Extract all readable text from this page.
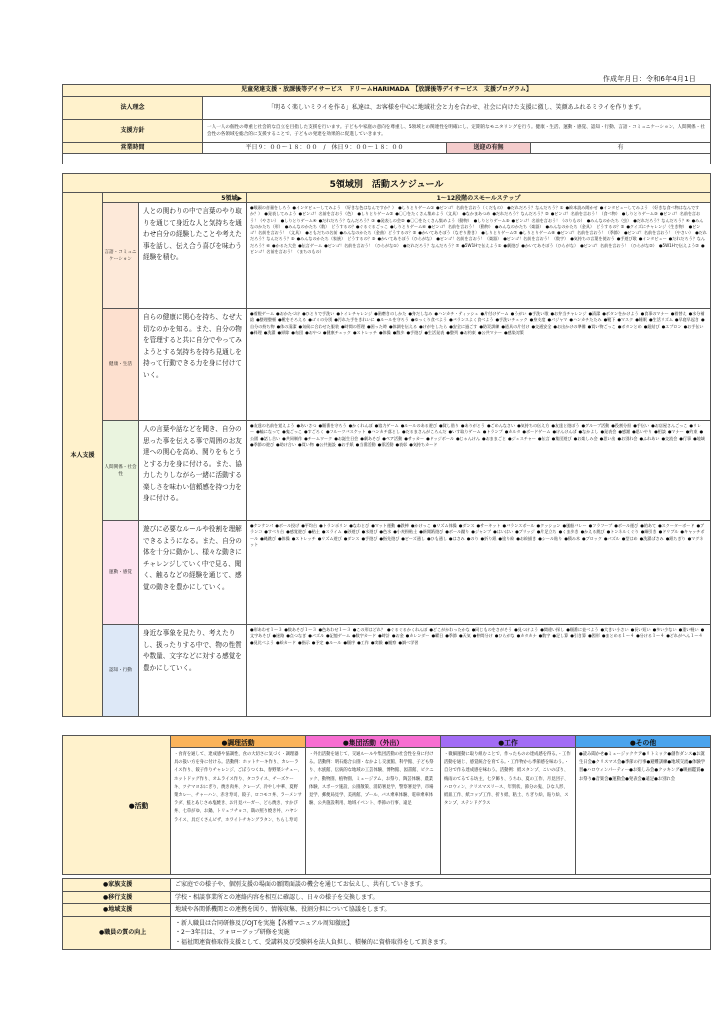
作成年月日：令和6年4月1日
児童発達支援・放課後等デイサービス　ドリームHARIMADA　【放課後等デイサービス　支援プログラム】			
法人理念	「明るく楽しいミライを作る」私達は、お客様を中心に地域社会と力を合わせ、社会に向けた支援に徹し、笑顔あふれるミライを作ります。		
支援方針	一人一人の個性の尊重と社会的な自立を目指した支援を行います。子どもや家庭の意向を尊重し、5領域との関連性を明確にし、定期的なモニタリングを行う。健康・生活、運動・感覚、認知・行動、言語・コミュニケーション、人間関係・社会性の各領域を総合的に支援することで、子どもの発達を効果的に促進していきます。		
営業時間	平日９：００～１８：００　/　休日９：００～１８：００	送迎の有無	有

5領域別　活動スケジュール			
本人支援	5領域▶		1～12段階のスモールステップ
	言語・コミュニケーション	人との関わりの中で言葉のやり取りを通じて身近な人と気持ちを通わせ自分の経験したことや考えた事を話し、伝え合う喜びを味わう経験を積む。	●喉頭の音量をしろう ●インタビューしてみよう （好きな色はなんですか？） ●しりとりゲーム① ●ビンゴ！名前を言おう（くだもの） ●だれだろう？なんだろう？① ●絵本読み聞かせ ●インタビューしてみよう （好きな食べ物はなんですか？） ●発表してみよう ●ビンゴ！名前を言おう（色） ●しりとりゲーム② ●〇〇をたくさん集めよう（文具） ●なかまあつめ ●だれだろう？なんだろう？② ●ビンゴ！名前を言おう！（食べ物） ●しりとりゲーム③ ●ビンゴ！名前を言おう！（やさい） ●しりとりゲーム④ ●だれだろう？なんだろう？③ ●発表しの会② ●〇〇をたくさん集めよう（動物） ●しりとりゲーム⑤ ●ビンゴ！名前を言おう！（のりもの） ●みんなのかたち（虫） ●だれだろう？なんだろう？④ ●みんなのかたち（形） ●みんなのかたち（数） どうするの？●ぐるぐるごっこ ●しりとりゲーム⑥ ●ビンゴ！名前を言おう！（動物） ●みんなのかたち（楽器） ●みんなのかたち（金具） どうするの？② ●クイズにチャレンジ（生き物） ●ビンゴ！名前を言おう！（文具） ●ともだちの名前 ●みんなのかたち（金曲）どうするの？② ●かいてあそぼう（なぞり書き） ●しりとりゲーム⑦ ●しりとりゲーム⑧ ●ビンゴ！名前を言おう！（季節） ●ビンゴ！名前を言おう！（やさい） ●だれだろう？なんだろう？⑤ ●みんなのかたち（家族） どうするの？③ ●かいてあそぼう（ひらがな） ●ビンゴ！名前を言おう！（楽器） ●ビンゴ！名前を言おう！（数字） ●気持ちの言葉を使おう ●手遊び歌 ●インタビュー ●だれだろう？なんだろう？⑥ ●かるた大会 ●伝言ゲーム ●ビンゴ！名前を言おう！（ひらがな①） ●だれだろう？なんだろう？⑦ ●5W1Hで伝えよう① ●劇遊び ●かいてあそぼう（ひらがな） ●ビンゴ！名前を言おう！（ひらがな②） ●5W1Hで伝えよう② ●ビンゴ！名前を言おう！（まちのもの）
	健康・生活	自らの健康に関心を持ち、なぜ大切なのかを知る。また、自分の物を管理すると共に自分でやってみようとする気持ちを持ち見通しを持って行動できる力を身に付けていく。	●着脱ゲーム ●おかたづけ ●ひとりで手洗い ●トイレチャレンジ ●歯磨きのしかた ●身だしなみ ●ハンカチ・ティッシュ ●片付けゲーム ●うがい ●手洗い歌 ●お弁当チャレンジ ●清潔 ●ボタンをかけよう ●食事のマナー ●着替え ●水分補給 ●整理整頓 ●靴をそろえる ●ゴミの分別 ●汚れた手をきれいに ●ルールを守ろう ●ゆっくり食べよう ●バランスよく食べよう ●手洗いチェック ●身支度 ●パジャマ ●ハンカチたたみ ●靴下 ●マスク ●睡眠 ●生活リズム ●早寝早起き ●自分の持ち物 ●体の清潔 ●気候に合わせた服装 ●時間の管理 ●困った時 ●体調を伝える ●けがをしたら ●安全に過ごす ●防災訓練 ●道具の片付け ●交通安全 ●お出かけの準備 ●買い物ごっこ ●ボタンとめ ●紐結び ●エプロン ●お手伝い●料理 ●洗濯 ●掃除 ●布団 ●おやつ ●健康チェック ●ストレッチ ●体操 ●散歩 ●手遊び ●生活発表 ●整列 ●お約束 ●公共マナー ●感染対策
	人間関係・社会性	人の言葉や話などを聞き、自分の思った事を伝える事で周囲のお友達への関心を高め、関りをもとうとする力を身に付ける。また、協力したりしながら一緒に活動する楽しさを味わい信頼感を持つ力を身に付ける。	●友達の名前を覚えよう ●あいさつ ●順番を守ろう ●かくれんぼ ●協力ゲーム ●ルールのある遊び ●貸し借り ●ありがとう ●ごめんなさい ●気持ちの伝え方 ●友達と遊ぼう ●グループ活動 ●役割分担 ●手伝い ●お店屋さんごっこ ●リレー ●輪になって ●鬼ごっこ ●すごろく ●フルーツバスケット ●ハンカチ落とし ●だるまさんがころんだ ●いす取りゲーム ●トランプ ●カルタ ●ボードゲーム ●けんけんぱ ●なかよし ●発表会 ●感謝 ●思いやり ●相談 ●マナー ●約束 ●公園 ●話し合い ●共同制作 ●チームワーク ●お誕生日会 ●劇あそび ●ペア活動 ●サッカー ●ドッジボール ●じゃんけん ●おままごと ●ジェスチャー ●伝言 ●集団遊び ●お楽しみ会 ●思い出 ●お別れ会 ●ふれあい ●交流会 ●行事 ●地域●季節の遊び ●助け合い ●買い物 ●公共施設 ●お手紙 ●当番活動 ●係活動 ●表彰 ●気持ちカード
	運動・感覚	遊びに必要なルールや役割を理解できるようになる。また、自分の体を十分に動かし、様々な動きにチャレンジしていく中で見る、聞く、触るなどの経験を通じて、感覚の動きを豊かにしていく。	●ケンケンパ ●ボール投げ ●平均台 ●トランポリン ●なわとび ●マット運動 ●鉄棒 ●かけっこ ●リズム体操 ●ダンス ●サーキット ●バランスボール ●クッション ●風船バレー ●フラフープ ●ボール運び ●的あて ●スクーターボード ●ブランコ ●すべり台 ●感覚遊び ●粘土 ●スライム ●砂遊び ●水遊び ●色水 ●小麦粉粘土 ●新聞紙遊び ●ボール蹴り ●ジャンプ ●はいはい ●ブリッジ ●片足立ち ●くま歩き ●かえる跳び ●トンネルくぐり ●綱引き ●ドリブル ●キャッチボール ●縄跳び ●体操 ●ストレッチ ●リズム遊び ●ダンス ●手遊び ●指先遊び ●ビーズ通し ●ひも通し ●はさみ ●のり ●折り紙 ●塗り絵 ●お絵描き ●シール貼り ●積み木 ●ブロック ●パズル ●型はめ ●洗濯ばさみ ●紙ちぎり ●マグネット
	認知・行動	身近な事象を見たり、考えたりし、扱ったりする中で、物の性質や数量、文字などに対する感覚を豊かにしていく。	●形あわせ１～３ ●数あそび１～３ ●色あわせ１～３ ●この形はどれ？ ●ぐるぐるかくれんぼ ●どこがかわったかな ●同じものをさがそう ●見つけよう ●間違い探し ●順番に並べよう ●大きい小さい ●長い短い ●多い少ない ●重い軽い ●文字あそび ●迷路 ●点つなぎ ●パズル ●記憶ゲーム ●数字カード ●時計 ●お金 ●カレンダー ●曜日 ●季節 ●天気 ●仲間分け ●ひらがな ●カタカナ ●数字 ●足し算 ●引き算 ●図形 ●まとめる１～４ ●分ける１～４ ●どれがへん１～４●見比べよう ●絵カード ●指示 ●予定 ●ルール ●順序 ●工作 ●実験 ●観察 ●調べ学習
●活動	●調理活動	●集団活動（外出）	●工作	●その他
	・食育を通して、達成感や協調性、食の大切さに気づく・調理器具の扱い方を身に付ける。活動例：ホットケーキ作り、カレーライス作り、餃子作りチャレンジ、ごぼうつくね、春野菜シチュー、ホットドッグ作り、オムライス作り、タコライス、チーズケーキ、ツナマヨおにぎり、焼き肉丼、クレープ、冷やし中華、夏野菜カレー、チャーハン、赤き寿司、餃子、ロコモコ丼、ラーメンサラダ、鮭とあじさめ塩焼き、お月見バーガー、どら焼き、すかぴ丼、七草がゆ、お鍋、トリュフチョコ、鶏の照り焼き丼、ハヤシライス、具だくさんピザ、ホワイトチキングラタン、ちらし寿司	・外出活動を通じて、交通ルールや集団活動の社会性を身に付ける。活動例：明石総合公園・なかよし交流館、科学館、子ども祭り、水族館、伝統的な地域の工芸体験、博物館、図書館、ピクニック、動物園、植物園、ミュージアム、お祭り、陶芸体験、農業体験、スポーツ施設、公園散策、消防署見学、警察署見学、市場見学、郵便局見学、美術館、プール、バス乗車体験、電車乗車体験、公共施設利用、地域イベント、季節の行事、遠足	・微細運動に取り組むことで、作ったものの達成感を得る。・工作活動を通じ、感覚統合を育てる。・工作物から季節感を味わう。・自分で作る達成感を味わう。活動例：紙スタンプ、こいのぼり、梅雨のてるてる坊主、七夕飾り、うちわ、夏の工作、月見団子、ハロウィン、クリスマスリース、年賀状、節分の鬼、ひな人形、紙皿工作、紙コップ工作、折り紙、粘土、ちぎり絵、貼り絵、スタンプ、ステンドグラス	●読み聞かせ●ミュージックケア●リトミック●創作ダンス●お誕生日会●クリスマス会●季節の行事●避難訓練●地域交流●体験学習●ハロウィンパーティー●お楽しみ会●クッキング●映画鑑賞●お祭り●音楽会●運動会●発表会●遠足●お別れ会
●家族支援	ご家庭での様子や、個別支援の場面の願関面談の機会を通じてお伝えし、共有していきます。
●移行支援	学校・相談事業所との連絡内容を相互に確認し、日々の様子を交換します。
●地域支援	地域や各関係機関との連携を図り、情報収集、役割分担について協議をします。
●職員の質の向上	・新人職員は合同研修及びOJTを実施【各種マニュアル周知徹底】
・2～3年目は、フォローアップ研修を実施
・福祉関連資格取得支援として、受講料及び受験料を法人負担し、積極的に資格取得をして頂きます。
